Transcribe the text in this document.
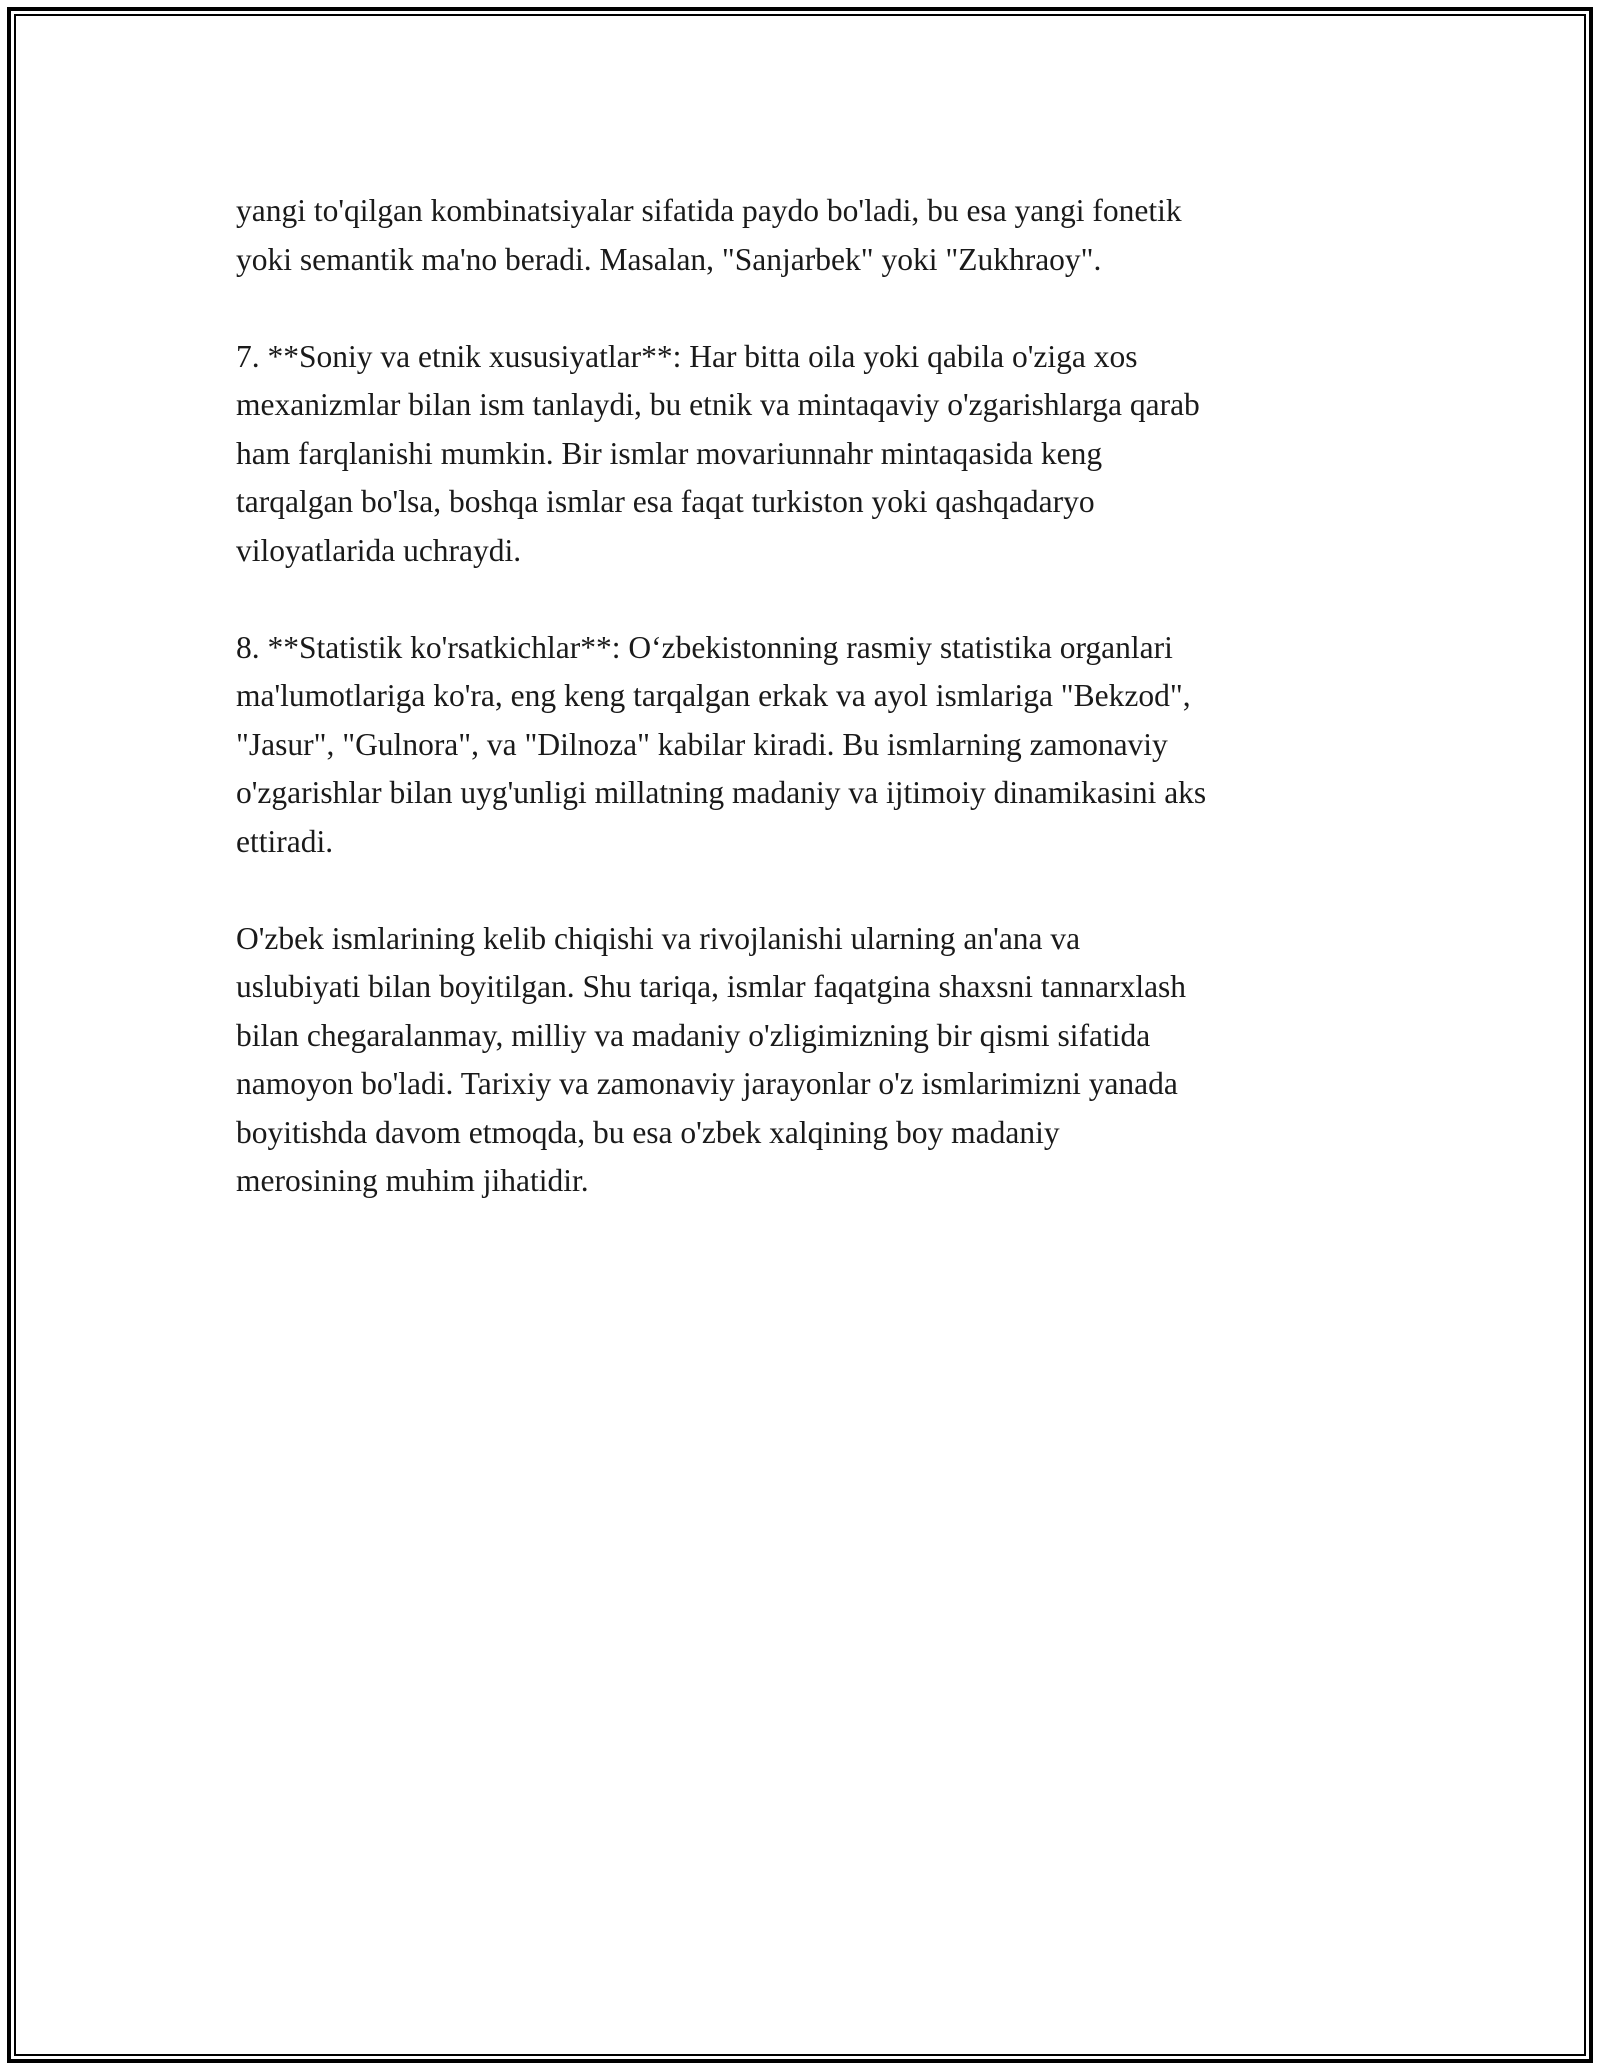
yangi to'qilgan kombinatsiyalar sifatida paydo bo'ladi, bu esa yangi fonetik
yoki semantik ma'no beradi. Masalan, "Sanjarbek" yoki "Zukhraoy".

7. **Soniy va etnik xususiyatlar**: Har bitta oila yoki qabila o'ziga xos
mexanizmlar bilan ism tanlaydi, bu etnik va mintaqaviy o'zgarishlarga qarab
ham farqlanishi mumkin. Bir ismlar movariunnahr mintaqasida keng
tarqalgan bo'lsa, boshqa ismlar esa faqat turkiston yoki qashqadaryo
viloyatlarida uchraydi.

8. **Statistik ko'rsatkichlar**: O‘zbekistonning rasmiy statistika organlari
ma'lumotlariga ko'ra, eng keng tarqalgan erkak va ayol ismlariga "Bekzod",
"Jasur", "Gulnora", va "Dilnoza" kabilar kiradi. Bu ismlarning zamonaviy
o'zgarishlar bilan uyg'unligi millatning madaniy va ijtimoiy dinamikasini aks
ettiradi.

O'zbek ismlarining kelib chiqishi va rivojlanishi ularning an'ana va
uslubiyati bilan boyitilgan. Shu tariqa, ismlar faqatgina shaxsni tannarxlash
bilan chegaralanmay, milliy va madaniy o'zligimizning bir qismi sifatida
namoyon bo'ladi. Tarixiy va zamonaviy jarayonlar o'z ismlarimizni yanada
boyitishda davom etmoqda, bu esa o'zbek xalqining boy madaniy
merosining muhim jihatidir.
